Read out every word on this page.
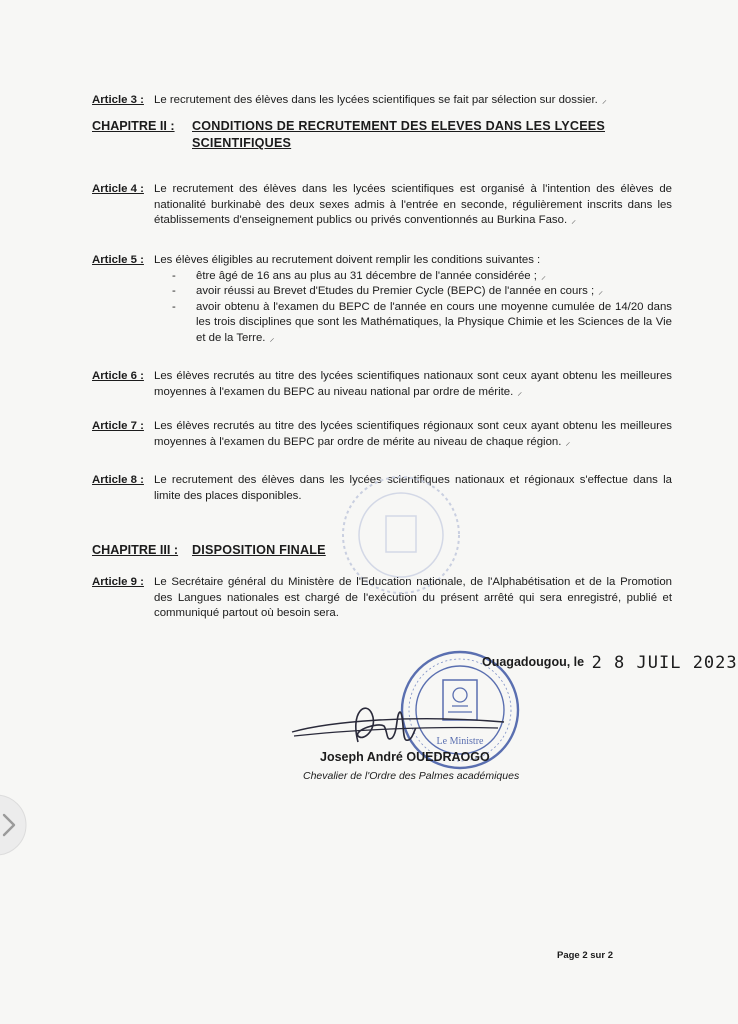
Article 3 : Le recrutement des élèves dans les lycées scientifiques se fait par sélection sur dossier. ⸝
CHAPITRE II : CONDITIONS DE RECRUTEMENT DES ELEVES DANS LES LYCEES
SCIENTIFIQUES
Article 4 : Le recrutement des élèves dans les lycées scientifiques est organisé à l'intention des élèves de nationalité burkinabè des deux sexes admis à l'entrée en seconde, régulièrement inscrits dans les établissements d'enseignement publics ou privés conventionnés au Burkina Faso. ⸝
Article 5 : Les élèves éligibles au recrutement doivent remplir les conditions suivantes :
- être âgé de 16 ans au plus au 31 décembre de l'année considérée ; ⸝
- avoir réussi au Brevet d'Etudes du Premier Cycle (BEPC) de l'année en cours ; ⸝
- avoir obtenu à l'examen du BEPC de l'année en cours une moyenne cumulée de 14/20 dans les trois disciplines que sont les Mathématiques, la Physique Chimie et les Sciences de la Vie et de la Terre. ⸝
Article 6 : Les élèves recrutés au titre des lycées scientifiques nationaux sont ceux ayant obtenu les meilleures moyennes à l'examen du BEPC au niveau national par ordre de mérite. ⸝
Article 7 : Les élèves recrutés au titre des lycées scientifiques régionaux sont ceux ayant obtenu les meilleures moyennes à l'examen du BEPC par ordre de mérite au niveau de chaque région. ⸝
Article 8 : Le recrutement des élèves dans les lycées scientifiques nationaux et régionaux s'effectue dans la limite des places disponibles.
CHAPITRE III : DISPOSITION FINALE
Article 9 : Le Secrétaire général du Ministère de l'Education nationale, de l'Alphabétisation et de la Promotion des Langues nationales est chargé de l'exécution du présent arrêté qui sera enregistré, publié et communiqué partout où besoin sera.
Le Ministre
Ouagadougou, le 2 8 JUIL 2023
Joseph André OUEDRAOGO
Chevalier de l'Ordre des Palmes académiques
Page 2 sur 2
